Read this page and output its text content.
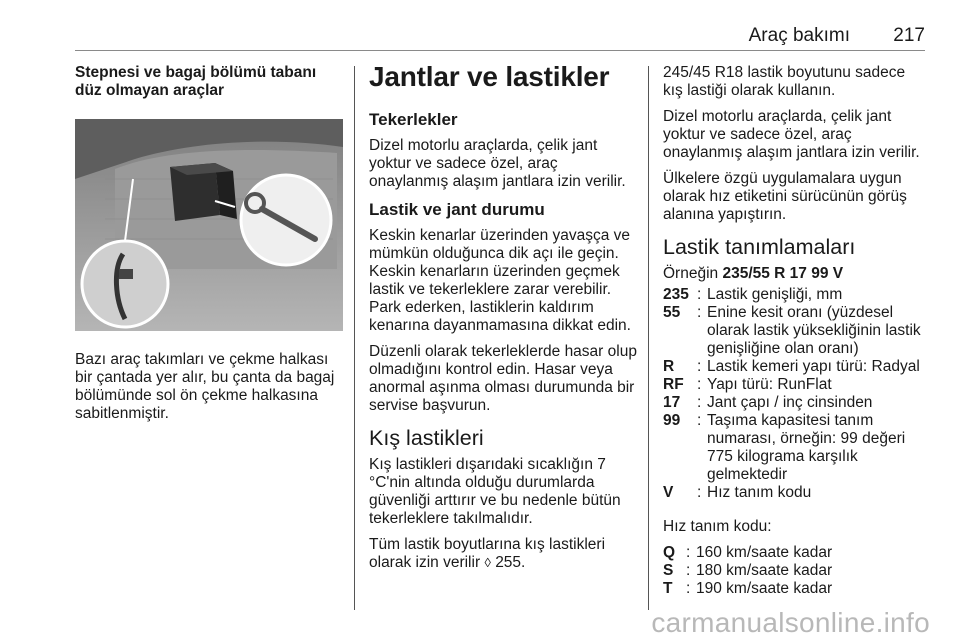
Araç bakımı 217
Stepnesi ve bagaj bölümü tabanı düz olmayan araçlar

Bazı araç takımları ve çekme halkası bir çantada yer alır, bu çanta da bagaj bölümünde sol ön çekme halkasına sabitlenmiştir.

Jantlar ve lastikler
Tekerlekler

Dizel motorlu araçlarda, çelik jant yoktur ve sadece özel, araç onaylanmış alaşım jantlara izin verilir.

Lastik ve jant durumu

Keskin kenarlar üzerinden yavaşça ve mümkün olduğunca dik açı ile geçin. Keskin kenarların üzerinden geçmek lastik ve tekerleklere zarar verebilir. Park ederken, lastiklerin kaldırım kenarına dayanmamasına dikkat edin.

Düzenli olarak tekerleklerde hasar olup olmadığını kontrol edin. Hasar veya anormal aşınma olması durumunda bir servise başvurun.

Kış lastikleri

Kış lastikleri dışarıdaki sıcaklığın 7 °C'nin altında olduğu durumlarda güvenliği arttırır ve bu nedenle bütün tekerleklere takılmalıdır.

Tüm lastik boyutlarına kış lastikleri olarak izin verilir ◊ 255.

245/45 R18 lastik boyutunu sadece kış lastiği olarak kullanın.

Dizel motorlu araçlarda, çelik jant yoktur ve sadece özel, araç onaylanmış alaşım jantlara izin verilir.

Ülkelere özgü uygulamalara uygun olarak hız etiketini sürücünün görüş alanına yapıştırın.

Lastik tanımlamaları

Örneğin 235/55 R 17 99 V

235 : Lastik genişliği, mm
55	: Enine kesit oranı (yüzdesel olarak lastik yüksekliğinin lastik genişliğine olan oranı)
R	: Lastik kemeri yapı türü: Radyal
RF : Yapı türü: RunFlat
17	: Jant çapı / inç cinsinden
99	: Taşıma kapasitesi tanım numarası, örneğin: 99 değeri 775 kilograma karşılık gelmektedir
V	: Hız tanım kodu

Hız tanım kodu:

Q : 160 km/saate kadar
S : 180 km/saate kadar
T : 190 km/saate kadar
carmanualsonline.info
